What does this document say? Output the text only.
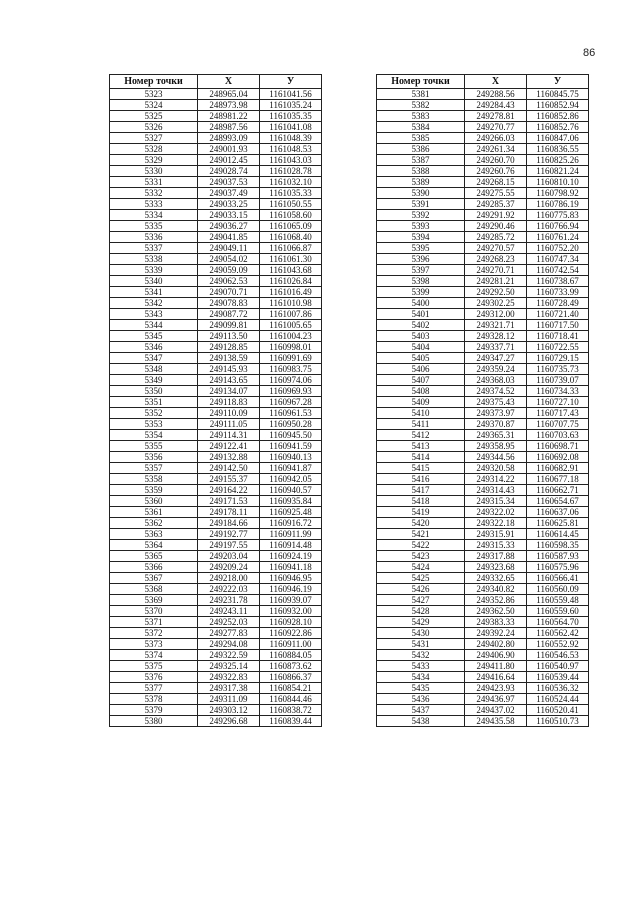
86
Номер точки	X	У
5323	248965.04	1161041.56
5324	248973.98	1161035.24
5325	248981.22	1161035.35
5326	248987.56	1161041.08
5327	248993.09	1161048.39
5328	249001.93	1161048.53
5329	249012.45	1161043.03
5330	249028.74	1161028.78
5331	249037.53	1161032.10
5332	249037.49	1161035.33
5333	249033.25	1161050.55
5334	249033.15	1161058.60
5335	249036.27	1161065.09
5336	249041.85	1161068.40
5337	249049.11	1161066.87
5338	249054.02	1161061.30
5339	249059.09	1161043.68
5340	249062.53	1161026.84
5341	249070.71	1161016.49
5342	249078.83	1161010.98
5343	249087.72	1161007.86
5344	249099.81	1161005.65
5345	249113.50	1161004.23
5346	249128.85	1160998.01
5347	249138.59	1160991.69
5348	249145.93	1160983.75
5349	249143.65	1160974.06
5350	249134.07	1160969.93
5351	249118.83	1160967.28
5352	249110.09	1160961.53
5353	249111.05	1160950.28
5354	249114.31	1160945.50
5355	249122.41	1160941.59
5356	249132.88	1160940.13
5357	249142.50	1160941.87
5358	249155.37	1160942.05
5359	249164.22	1160940.57
5360	249171.53	1160935.84
5361	249178.11	1160925.48
5362	249184.66	1160916.72
5363	249192.77	1160911.99
5364	249197.55	1160914.48
5365	249203.04	1160924.19
5366	249209.24	1160941.18
5367	249218.00	1160946.95
5368	249222.03	1160946.19
5369	249231.78	1160939.07
5370	249243.11	1160932.00
5371	249252.03	1160928.10
5372	249277.83	1160922.86
5373	249294.08	1160911.00
5374	249322.59	1160884.05
5375	249325.14	1160873.62
5376	249322.83	1160866.37
5377	249317.38	1160854.21
5378	249311.09	1160844.46
5379	249303.12	1160838.72
5380	249296.68	1160839.44
Номер точки	X	У
5381	249288.56	1160845.75
5382	249284.43	1160852.94
5383	249278.81	1160852.86
5384	249270.77	1160852.76
5385	249266.03	1160847.06
5386	249261.34	1160836.55
5387	249260.70	1160825.26
5388	249260.76	1160821.24
5389	249268.15	1160810.10
5390	249275.55	1160798.92
5391	249285.37	1160786.19
5392	249291.92	1160775.83
5393	249290.46	1160766.94
5394	249285.72	1160761.24
5395	249270.57	1160752.20
5396	249268.23	1160747.34
5397	249270.71	1160742.54
5398	249281.21	1160738.67
5399	249292.50	1160733.99
5400	249302.25	1160728.49
5401	249312.00	1160721.40
5402	249321.71	1160717.50
5403	249328.12	1160718.41
5404	249337.71	1160722.55
5405	249347.27	1160729.15
5406	249359.24	1160735.73
5407	249368.03	1160739.07
5408	249374.52	1160734.33
5409	249375.43	1160727.10
5410	249373.97	1160717.43
5411	249370.87	1160707.75
5412	249365.31	1160703.63
5413	249358.95	1160698.71
5414	249344.56	1160692.08
5415	249320.58	1160682.91
5416	249314.22	1160677.18
5417	249314.43	1160662.71
5418	249315.34	1160654.67
5419	249322.02	1160637.06
5420	249322.18	1160625.81
5421	249315.91	1160614.45
5422	249315.33	1160598.35
5423	249317.88	1160587.93
5424	249323.68	1160575.96
5425	249332.65	1160566.41
5426	249340.82	1160560.09
5427	249352.86	1160559.48
5428	249362.50	1160559.60
5429	249383.33	1160564.70
5430	249392.24	1160562.42
5431	249402.80	1160552.92
5432	249406.90	1160546.53
5433	249411.80	1160540.97
5434	249416.64	1160539.44
5435	249423.93	1160536.32
5436	249436.97	1160524.44
5437	249437.02	1160520.41
5438	249435.58	1160510.73
